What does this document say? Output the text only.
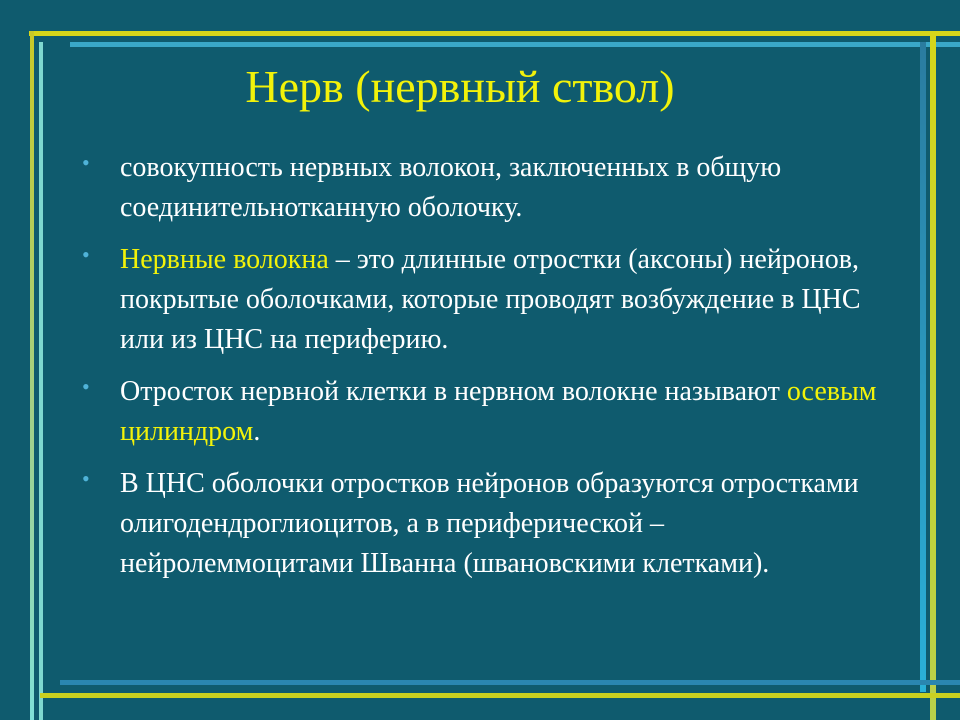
Нерв (нервный ствол)
• совокупность нервных волокон, заключенных в общую соединительнотканную оболочку.
• Нервные волокна – это длинные отростки (аксоны) нейронов, покрытые оболочками, которые проводят возбуждение в ЦНС или из ЦНС на периферию.
• Отросток нервной клетки в нервном волокне называют осевым цилиндром.
• В ЦНС оболочки отростков нейронов образуются отростками олигодендроглиоцитов, а в периферической – нейролеммоцитами Шванна (швановскими клетками).
